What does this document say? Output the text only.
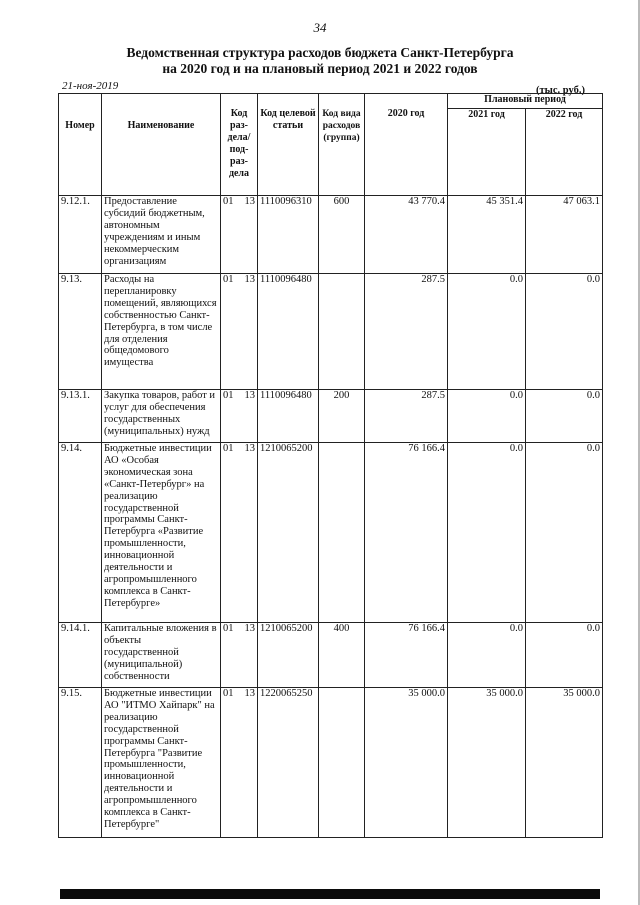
34
Ведомственная структура расходов бюджета Санкт-Петербурга
на 2020 год и на плановый период 2021 и 2022 годов
21-ноя-2019	(тыс. руб.)
Номер	Наименование	Код раз- дела/ под- раз- дела	Код целевой статьи	Код вида расходов (группа)	2020 год	Плановый период	
						2021 год	2022 год
9.12.1.	Предоставление субсидий бюджетным, автономным учреждениям и иным некоммерческим организациям	01 13	1110096310	600	43 770.4	45 351.4	47 063.1
9.13.	Расходы на перепланировку помещений, являющихся собственностью Санкт-Петербурга, в том числе для отделения общедомового имущества	01 13	1110096480		287.5	0.0	0.0
9.13.1.	Закупка товаров, работ и услуг для обеспечения государственных (муниципальных) нужд	01 13	1110096480	200	287.5	0.0	0.0
9.14.	Бюджетные инвестиции АО «Особая экономическая зона «Санкт-Петербург» на реализацию государственной программы Санкт-Петербурга «Развитие промышленности, инновационной деятельности и агропромышленного комплекса в Санкт-Петербурге»	01 13	1210065200		76 166.4	0.0	0.0
9.14.1.	Капитальные вложения в объекты государственной (муниципальной) собственности	01 13	1210065200	400	76 166.4	0.0	0.0
9.15.	Бюджетные инвестиции АО "ИТМО Хайпарк" на реализацию государственной программы Санкт-Петербурга "Развитие промышленности, инновационной деятельности и агропромышленного комплекса в Санкт-Петербурге"	01 13	1220065250		35 000.0	35 000.0	35 000.0
